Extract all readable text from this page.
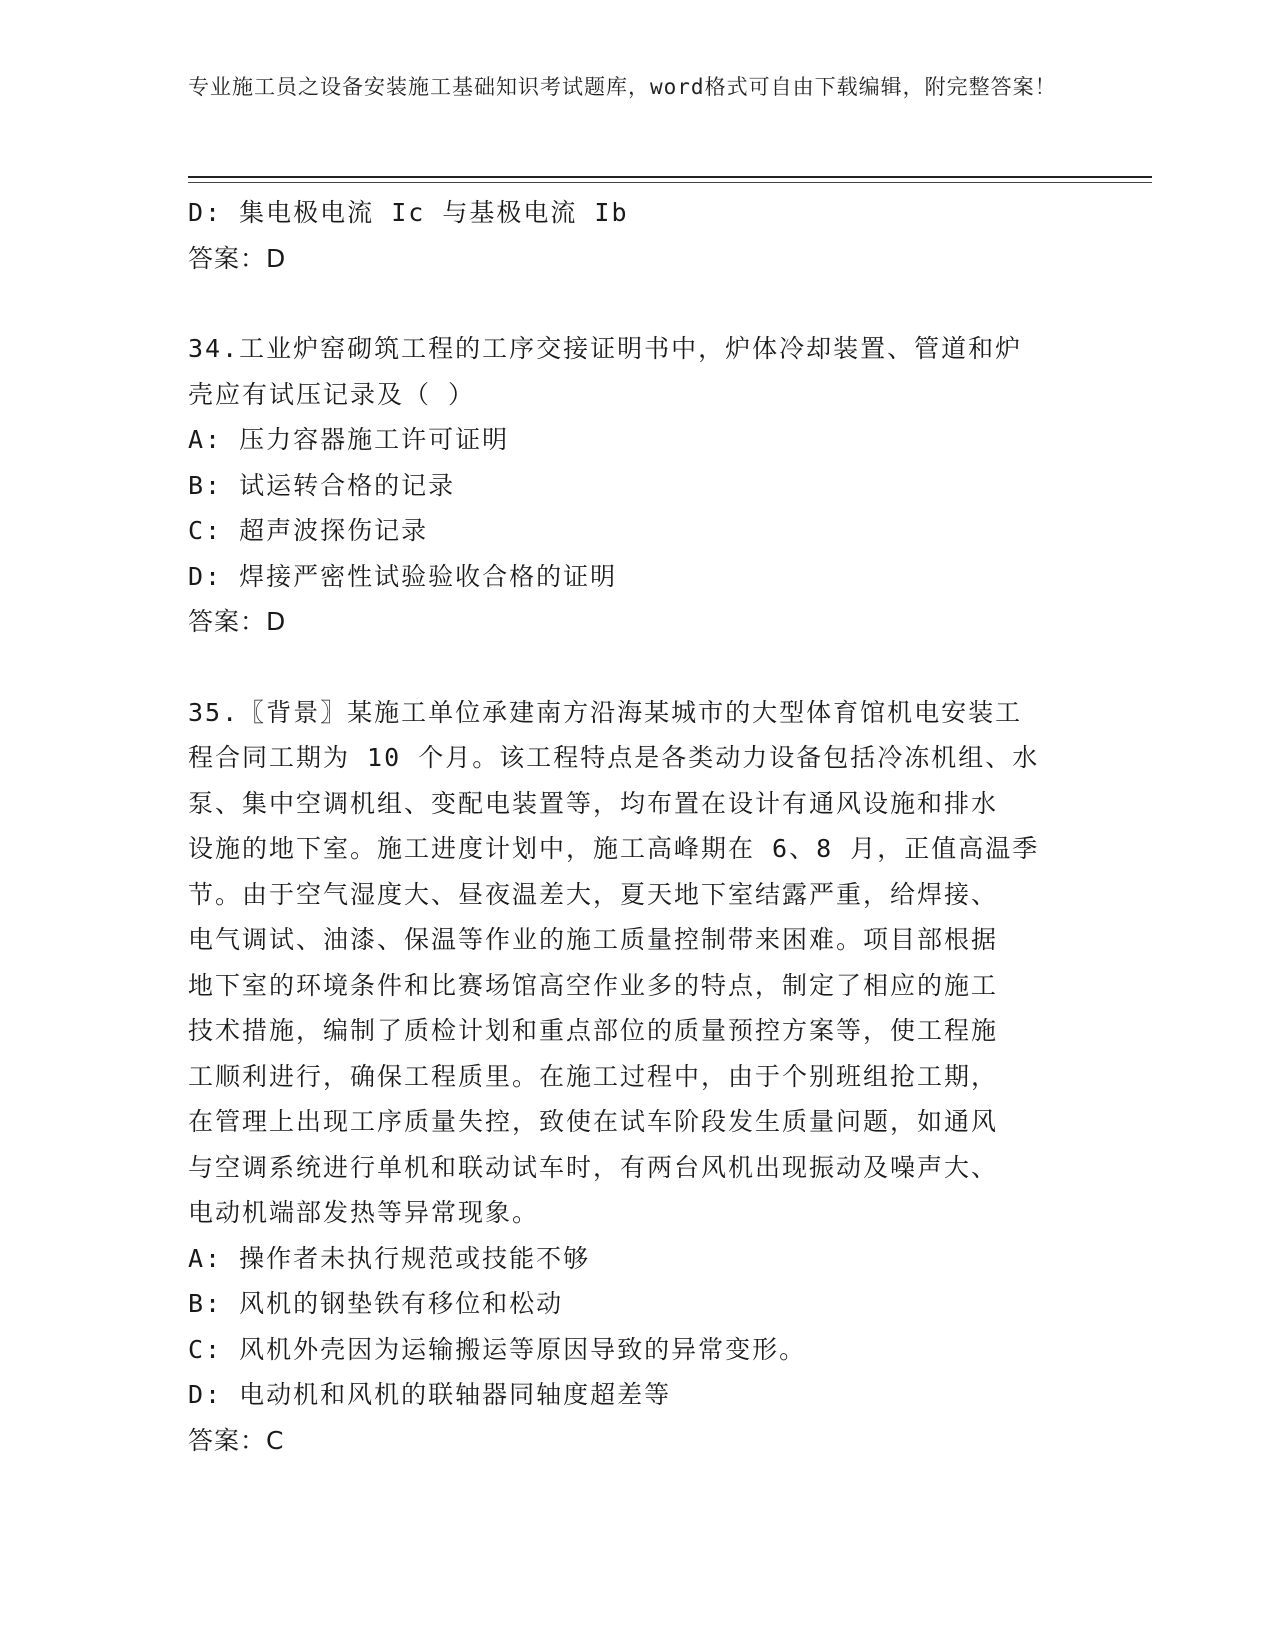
专业施工员之设备安装施工基础知识考试题库，word格式可自由下载编辑，附完整答案！
D: 集电极电流 Ic 与基极电流 Ib
答案：D
34.工业炉窑砌筑工程的工序交接证明书中，炉体冷却装置、管道和炉
壳应有试压记录及（ ）
A: 压力容器施工许可证明
B: 试运转合格的记录
C: 超声波探伤记录
D: 焊接严密性试验验收合格的证明
答案：D
35.〖背景〗某施工单位承建南方沿海某城市的大型体育馆机电安装工
程合同工期为 10 个月。该工程特点是各类动力设备包括冷冻机组、水
泵、集中空调机组、变配电装置等，均布置在设计有通风设施和排水
设施的地下室。施工进度计划中，施工高峰期在 6、8 月，正值高温季
节。由于空气湿度大、昼夜温差大，夏天地下室结露严重，给焊接、
电气调试、油漆、保温等作业的施工质量控制带来困难。项目部根据
地下室的环境条件和比赛场馆高空作业多的特点，制定了相应的施工
技术措施，编制了质检计划和重点部位的质量预控方案等，使工程施
工顺利进行，确保工程质里。在施工过程中，由于个别班组抢工期，
在管理上出现工序质量失控，致使在试车阶段发生质量问题，如通风
与空调系统进行单机和联动试车时，有两台风机出现振动及噪声大、
电动机端部发热等异常现象。
A: 操作者未执行规范或技能不够
B: 风机的钢垫铁有移位和松动
C: 风机外壳因为运输搬运等原因导致的异常变形。
D: 电动机和风机的联轴器同轴度超差等
答案：C
